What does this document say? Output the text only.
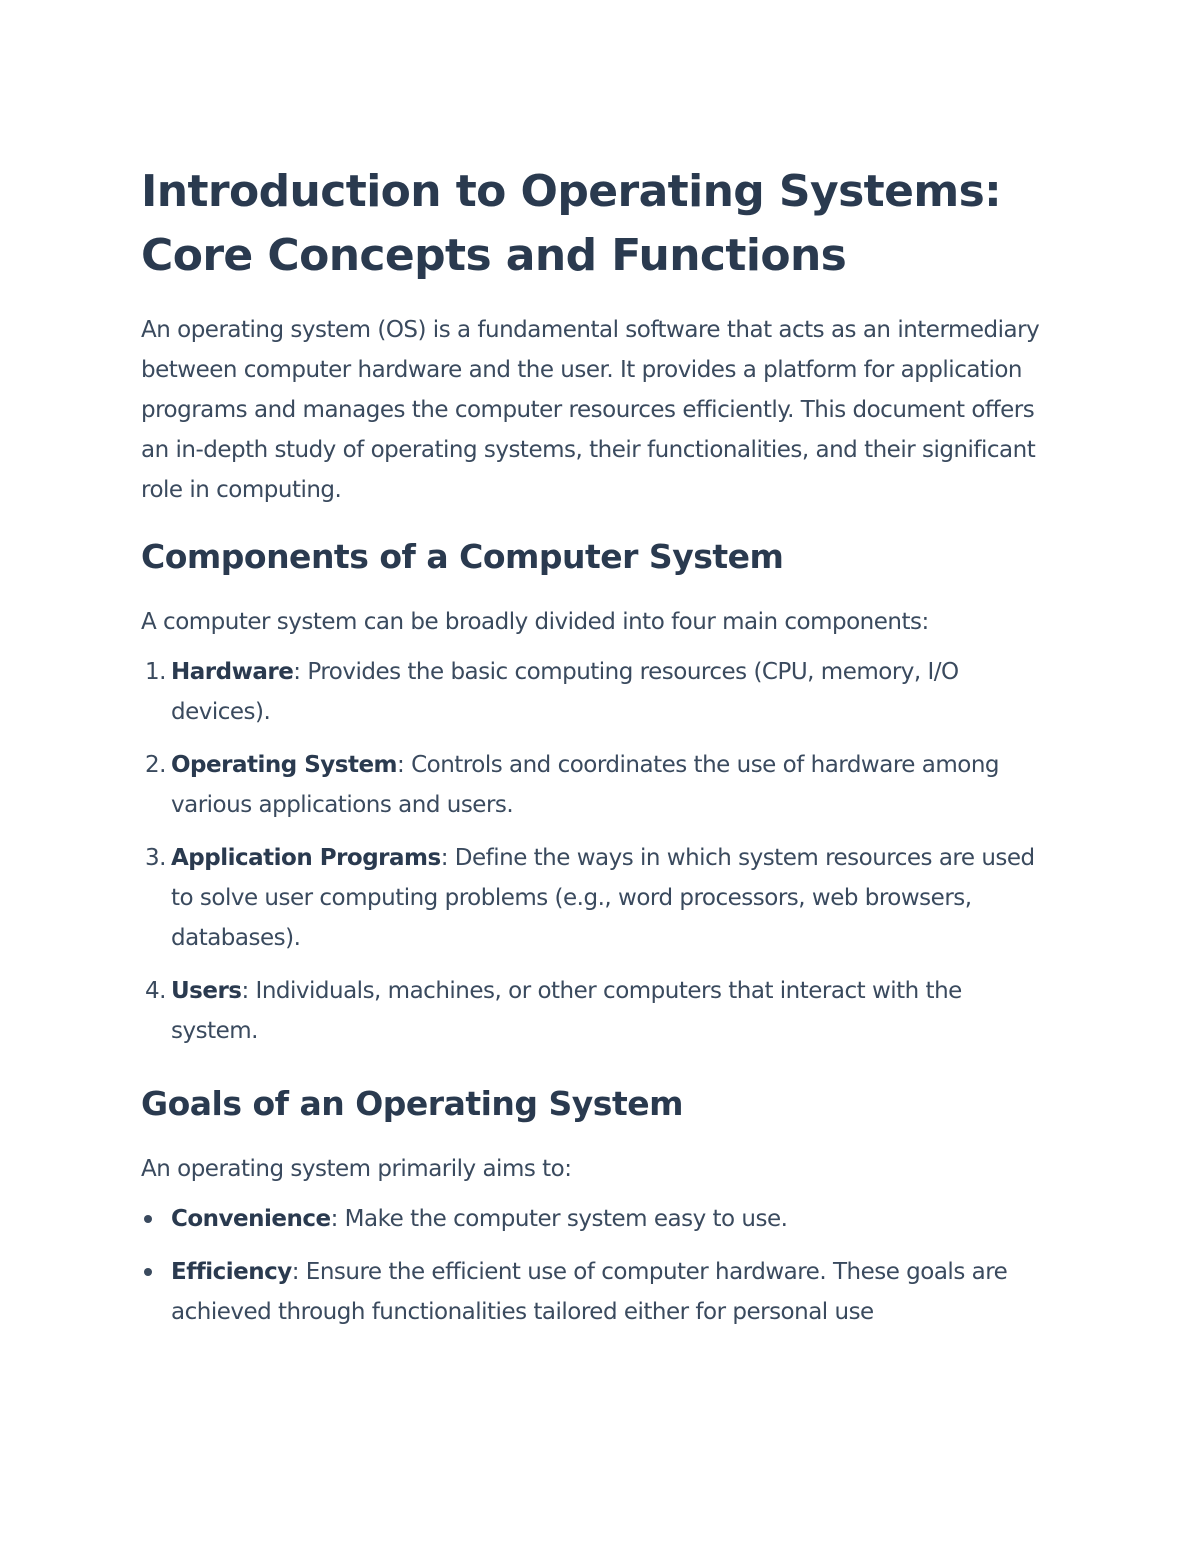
Introduction to Operating Systems:
Core Concepts and Functions

An operating system (OS) is a fundamental software that acts as an intermediary between computer hardware and the user. It provides a platform for application programs and manages the computer resources efficiently. This document offers an in-depth study of operating systems, their functionalities, and their significant role in computing.

Components of a Computer System

A computer system can be broadly divided into four main components:

1. Hardware: Provides the basic computing resources (CPU, memory, I/O devices).
2. Operating System: Controls and coordinates the use of hardware among various applications and users.
3. Application Programs: Define the ways in which system resources are used to solve user computing problems (e.g., word processors, web browsers, databases).
4. Users: Individuals, machines, or other computers that interact with the system.
Goals of an Operating System

An operating system primarily aims to:

Convenience: Make the computer system easy to use.
Efficiency: Ensure the efficient use of computer hardware. These goals are achieved through functionalities tailored either for personal use
